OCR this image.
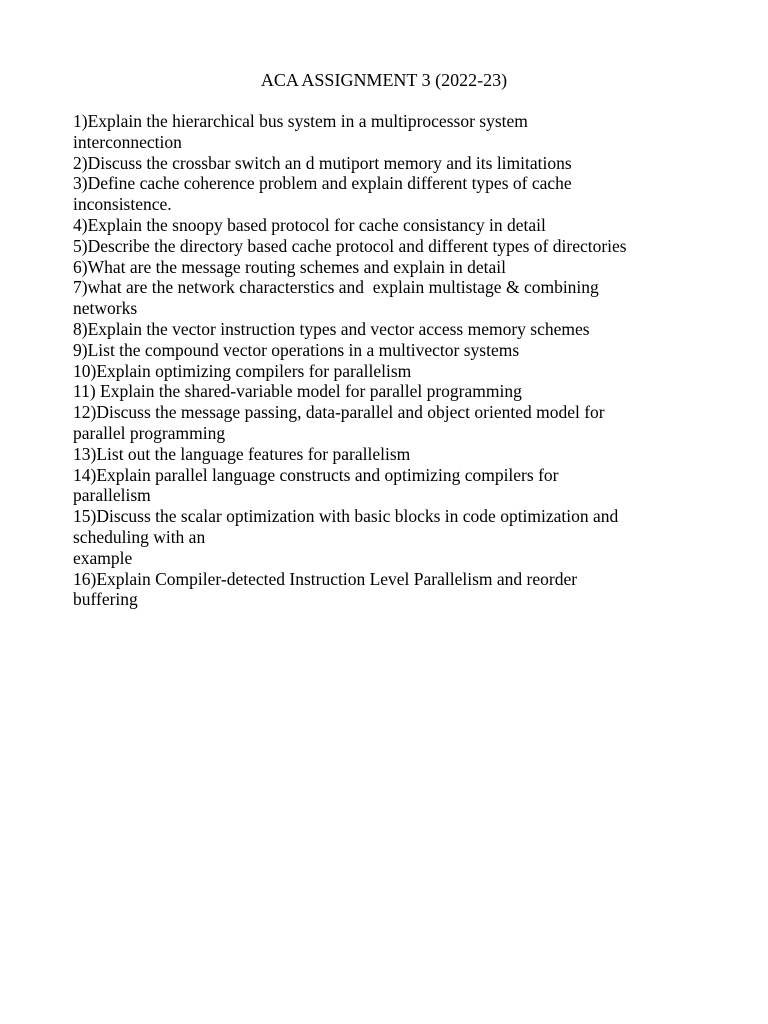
ACA ASSIGNMENT 3 (2022-23)
1)Explain the hierarchical bus system in a multiprocessor system
interconnection
2)Discuss the crossbar switch an d mutiport memory and its limitations
3)Define cache coherence problem and explain different types of cache
inconsistence.
4)Explain the snoopy based protocol for cache consistancy in detail
5)Describe the directory based cache protocol and different types of directories
6)What are the message routing schemes and explain in detail
7)what are the network characterstics and  explain multistage & combining
networks
8)Explain the vector instruction types and vector access memory schemes
9)List the compound vector operations in a multivector systems
10)Explain optimizing compilers for parallelism
11) Explain the shared-variable model for parallel programming
12)Discuss the message passing, data-parallel and object oriented model for
parallel programming
13)List out the language features for parallelism
14)Explain parallel language constructs and optimizing compilers for
parallelism
15)Discuss the scalar optimization with basic blocks in code optimization and
scheduling with an
example
16)Explain Compiler-detected Instruction Level Parallelism and reorder
buffering
